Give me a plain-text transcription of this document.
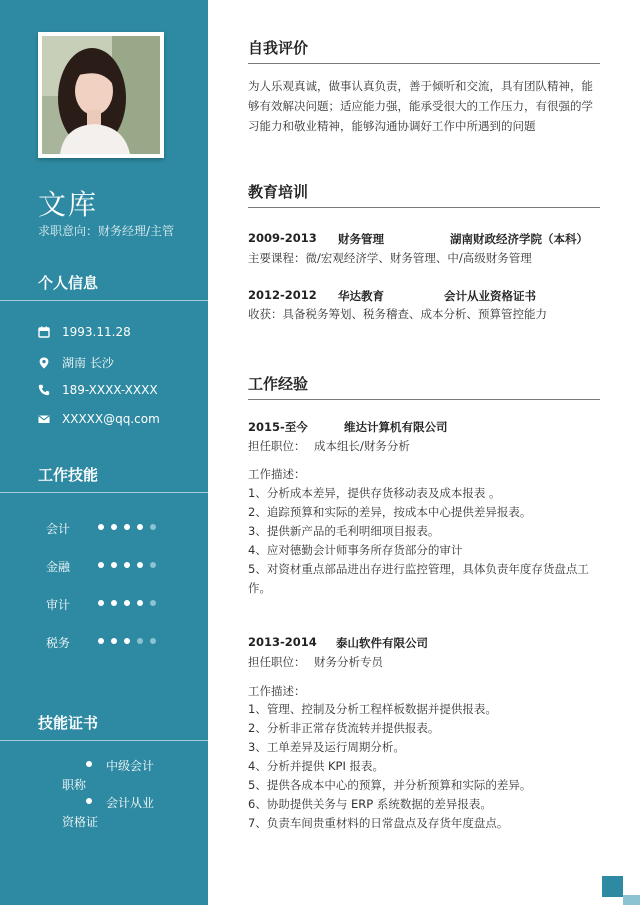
文库
求职意向：财务经理/主管
个人信息
1993.11.28
湖南 长沙
189-XXXX-XXXX
XXXXX@qq.com
工作技能
会计
金融
审计
税务
技能证书
中级会计
职称
会计从业
资格证
自我评价
为人乐观真诚，做事认真负责，善于倾听和交流，具有团队精神，能够有效解决问题；适应能力强，能承受很大的工作压力，有很强的学习能力和敬业精神，能够沟通协调好工作中所遇到的问题
教育培训
2009-2013 财务管理	湖南财政经济学院（本科）
主要课程：微/宏观经济学、财务管理、中/高级财务管理
2012-2012 华达教育	会计从业资格证书
收获：具备税务筹划、税务稽查、成本分析、预算管控能力
工作经验
2015-至今	维达计算机有限公司
担任职位： 成本组长/财务分析
工作描述：
1、分析成本差异，提供存货移动表及成本报表 。
2、追踪预算和实际的差异，按成本中心提供差异报表。
3、提供新产品的毛利明细项目报表。
4、应对德勤会计师事务所存货部分的审计
5、对资材重点部品进出存进行监控管理，具体负责年度存货盘点工
作。
2013-2014 泰山软件有限公司
担任职位： 财务分析专员
工作描述：
1、管理、控制及分析工程样板数据并提供报表。
2、分析非正常存货流转并提供报表。
3、工单差异及运行周期分析。
4、分析并提供 KPI 报表。
5、提供各成本中心的预算，并分析预算和实际的差异。
6、协助提供关务与 ERP 系统数据的差异报表。
7、负责车间贵重材料的日常盘点及存货年度盘点。
